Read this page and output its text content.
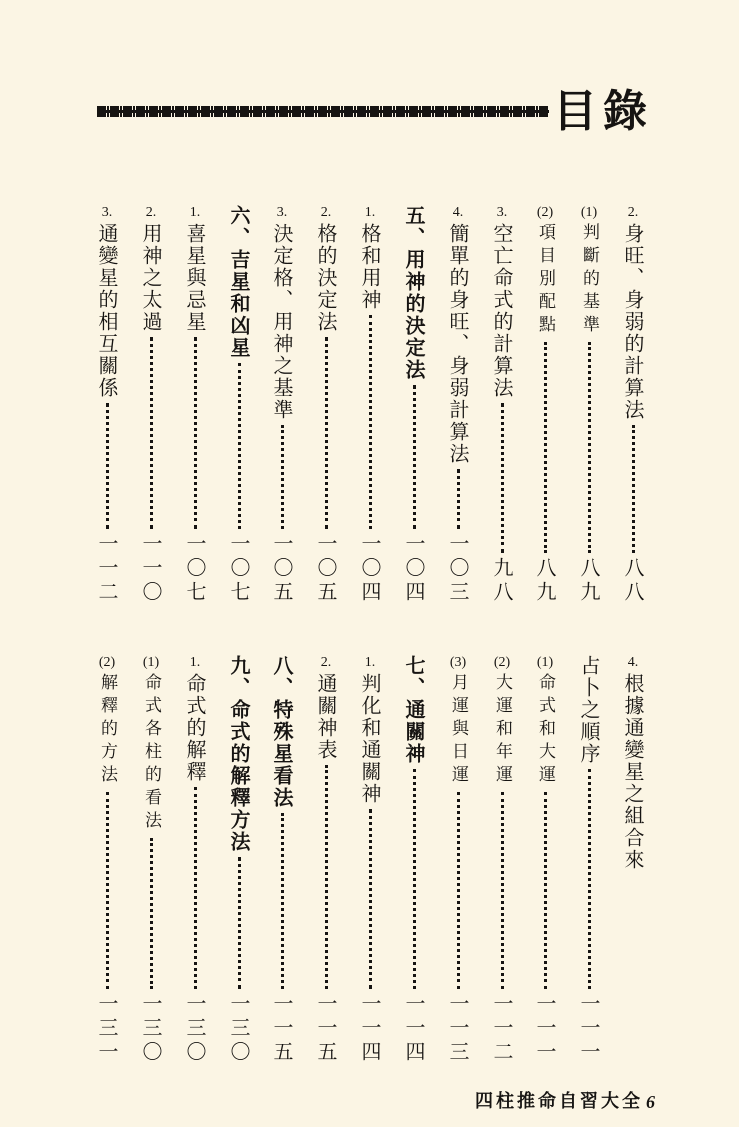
目錄
2.
身旺、身弱的計算法
八八
(1)
判斷的基準
八九
(2)
項目別配點
八九
3.
空亡命式的計算法
九八
4.
簡單的身旺、身弱計算法
一〇三
五、用神的決定法
一〇四
1.
格和用神
一〇四
2.
格的決定法
一〇五
3.
決定格、用神之基準
一〇五
六、吉星和凶星
一〇七
1.
喜星與忌星
一〇七
2.
用神之太過
一一〇
3.
通變星的相互關係
一一二
4.
根據通變星之組合來
占卜之順序
一一一
(1)
命式和大運
一一一
(2)
大運和年運
一一二
(3)
月運與日運
一一三
七、通關神
一一四
1.
判化和通關神
一一四
2.
通關神表
一一五
八、特殊星看法
一一五
九、命式的解釋方法
一三〇
1.
命式的解釋
一三〇
(1)
命式各柱的看法
一三〇
(2)
解釋的方法
一三一
四柱推命自習大全 6
